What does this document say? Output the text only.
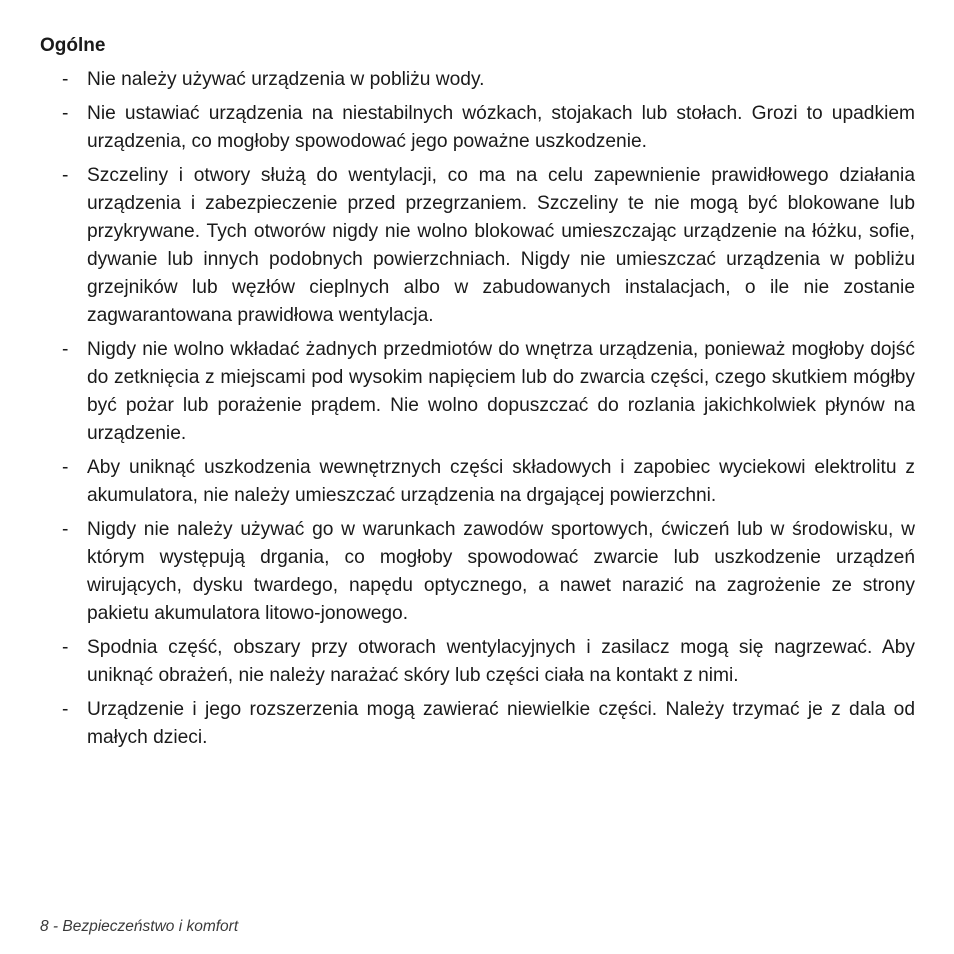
Ogólne
- Nie należy używać urządzenia w pobliżu wody.
- Nie ustawiać urządzenia na niestabilnych wózkach, stojakach lub stołach. Grozi to upadkiem urządzenia, co mogłoby spowodować jego poważne uszkodzenie.
- Szczeliny i otwory służą do wentylacji, co ma na celu zapewnienie prawidłowego działania urządzenia i zabezpieczenie przed przegrzaniem. Szczeliny te nie mogą być blokowane lub przykrywane. Tych otworów nigdy nie wolno blokować umieszczając urządzenie na łóżku, sofie, dywanie lub innych podobnych powierzchniach. Nigdy nie umieszczać urządzenia w pobliżu grzejników lub węzłów cieplnych albo w zabudowanych instalacjach, o ile nie zostanie zagwarantowana prawidłowa wentylacja.
- Nigdy nie wolno wkładać żadnych przedmiotów do wnętrza urządzenia, ponieważ mogłoby dojść do zetknięcia z miejscami pod wysokim napięciem lub do zwarcia części, czego skutkiem mógłby być pożar lub porażenie prądem. Nie wolno dopuszczać do rozlania jakichkolwiek płynów na urządzenie.
- Aby uniknąć uszkodzenia wewnętrznych części składowych i zapobiec wyciekowi elektrolitu z akumulatora, nie należy umieszczać urządzenia na drgającej powierzchni.
- Nigdy nie należy używać go w warunkach zawodów sportowych, ćwiczeń lub w środowisku, w którym występują drgania, co mogłoby spowodować zwarcie lub uszkodzenie urządzeń wirujących, dysku twardego, napędu optycznego, a nawet narazić na zagrożenie ze strony pakietu akumulatora litowo-jonowego.
- Spodnia część, obszary przy otworach wentylacyjnych i zasilacz mogą się nagrzewać. Aby uniknąć obrażeń, nie należy narażać skóry lub części ciała na kontakt z nimi.
- Urządzenie i jego rozszerzenia mogą zawierać niewielkie części. Należy trzymać je z dala od małych dzieci.
8 - Bezpieczeństwo i komfort
